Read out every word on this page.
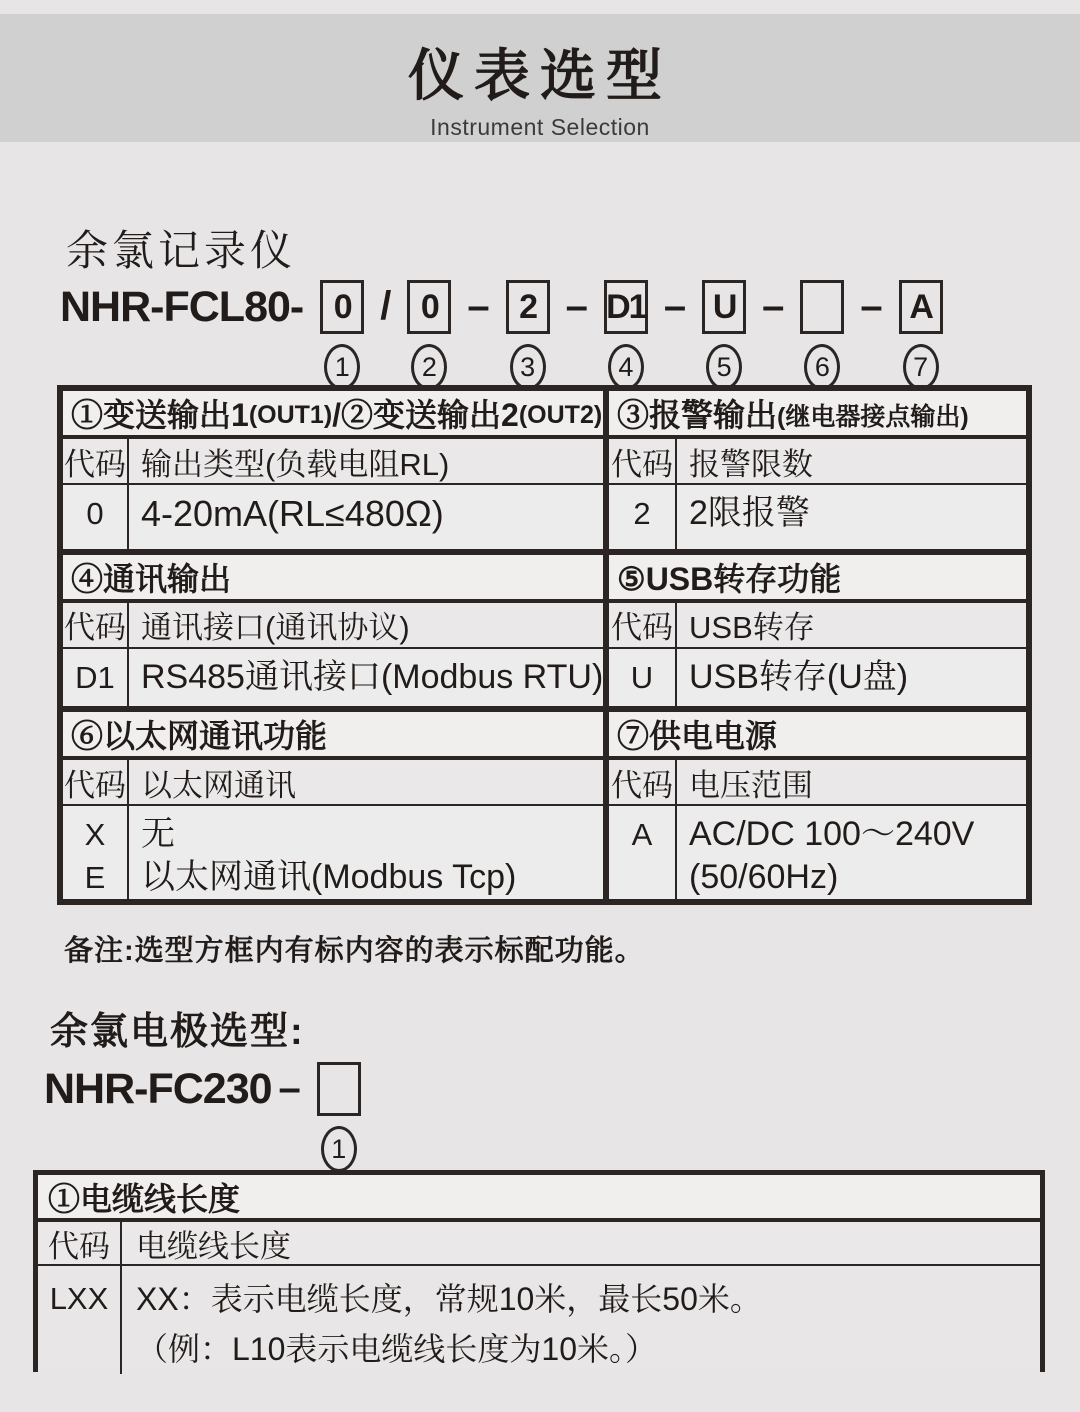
仪表选型
Instrument Selection
余氯记录仪
NHR-FCL80- 0
1
/ 0
2
– 2
3
– D1
4
– U
5
–
6
– A
7
①变送输出1 (OUT1) /②变送输出2 (OUT2)
代码 输出类型(负载电阻RL)
0 4-20mA(RL≤480Ω)
③报警输出 (继电器接点输出)
代码 报警限数
2 2限报警
④通讯输出
代码 通讯接口(通讯协议)
D1 RS485通讯接口(Modbus RTU)
⑤USB转存功能
代码 USB转存
U USB转存(U盘)
⑥以太网通讯功能
代码 以太网通讯
X
E
无
以太网通讯(Modbus Tcp)
⑦供电电源
代码 电压范围
A AC/DC 100～240V
(50/60Hz)
备注:选型方框内有标内容的表示标配功能。
余氯电极选型:
NHR-FC230 –
1
①电缆线长度
代码 电缆线长度
LXX XX：表示电缆长度，常规10米，最长50米。
（例：L10表示电缆线长度为10米。）
